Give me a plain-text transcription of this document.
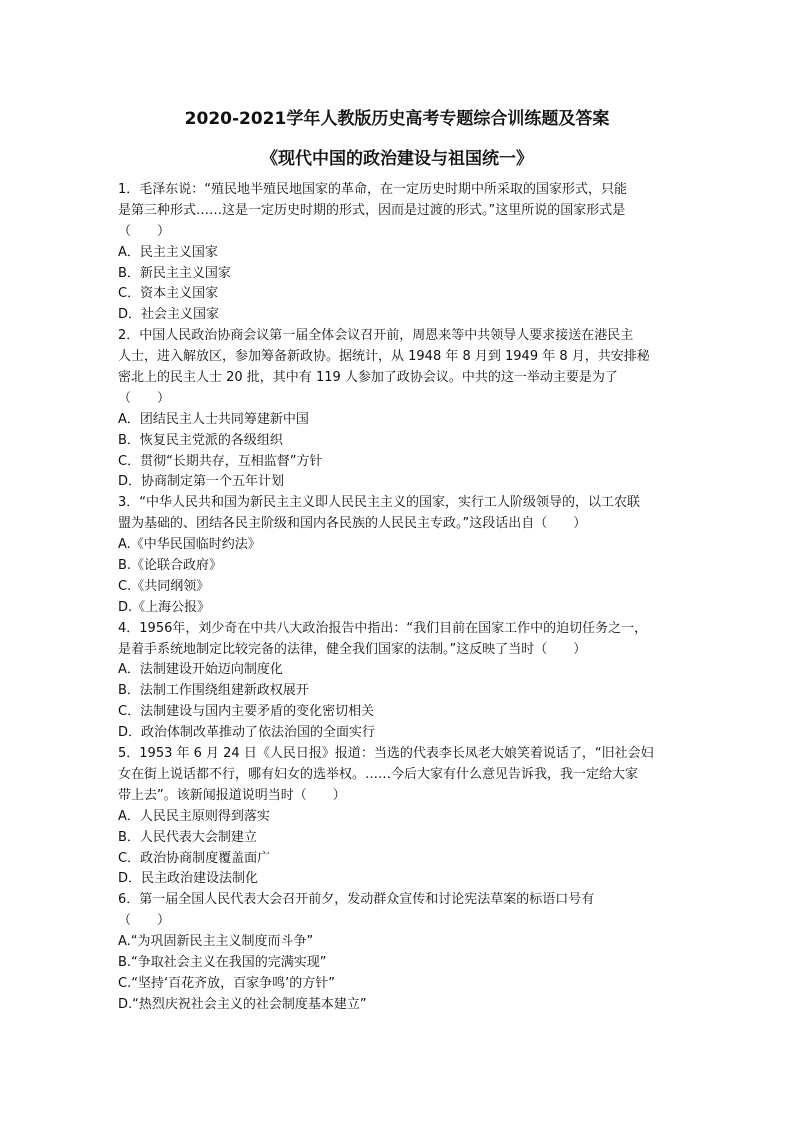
2020-2021学年人教版历史高考专题综合训练题及答案
《现代中国的政治建设与祖国统一》
1．毛泽东说：“殖民地半殖民地国家的革命，在一定历史时期中所采取的国家形式，只能
是第三种形式……这是一定历史时期的形式，因而是过渡的形式。”这里所说的国家形式是
（　　）
A．民主主义国家
B．新民主主义国家
C．资本主义国家
D．社会主义国家
2．中国人民政治协商会议第一届全体会议召开前，周恩来等中共领导人要求接送在港民主
人士，进入解放区，参加筹备新政协。据统计，从 1948 年 8 月到 1949 年 8 月，共安排秘
密北上的民主人士 20 批，其中有 119 人参加了政协会议。中共的这一举动主要是为了
（　　）
A．团结民主人士共同筹建新中国
B．恢复民主党派的各级组织
C．贯彻“长期共存，互相监督”方针
D．协商制定第一个五年计划
3．“中华人民共和国为新民主主义即人民民主主义的国家，实行工人阶级领导的，以工农联
盟为基础的、团结各民主阶级和国内各民族的人民民主专政。”这段话出自（　　）
A.《中华民国临时约法》
B.《论联合政府》
C.《共同纲领》
D.《上海公报》
4．1956年，刘少奇在中共八大政治报告中指出：“我们目前在国家工作中的迫切任务之一，
是着手系统地制定比较完备的法律，健全我们国家的法制。”这反映了当时（　　）
A．法制建设开始迈向制度化
B．法制工作围绕组建新政权展开
C．法制建设与国内主要矛盾的变化密切相关
D．政治体制改革推动了依法治国的全面实行
5．1953 年 6 月 24 日《人民日报》报道：当选的代表李长凤老大娘笑着说话了，“旧社会妇
女在街上说话都不行，哪有妇女的选举权。……今后大家有什么意见告诉我，我一定给大家
带上去”。该新闻报道说明当时（　　）
A．人民民主原则得到落实
B．人民代表大会制建立
C．政治协商制度覆盖面广
D．民主政治建设法制化
6．第一届全国人民代表大会召开前夕，发动群众宣传和讨论宪法草案的标语口号有
（　　）
A.“为巩固新民主主义制度而斗争”
B.“争取社会主义在我国的完满实现”
C.“坚持‘百花齐放，百家争鸣’的方针”
D.“热烈庆祝社会主义的社会制度基本建立”
